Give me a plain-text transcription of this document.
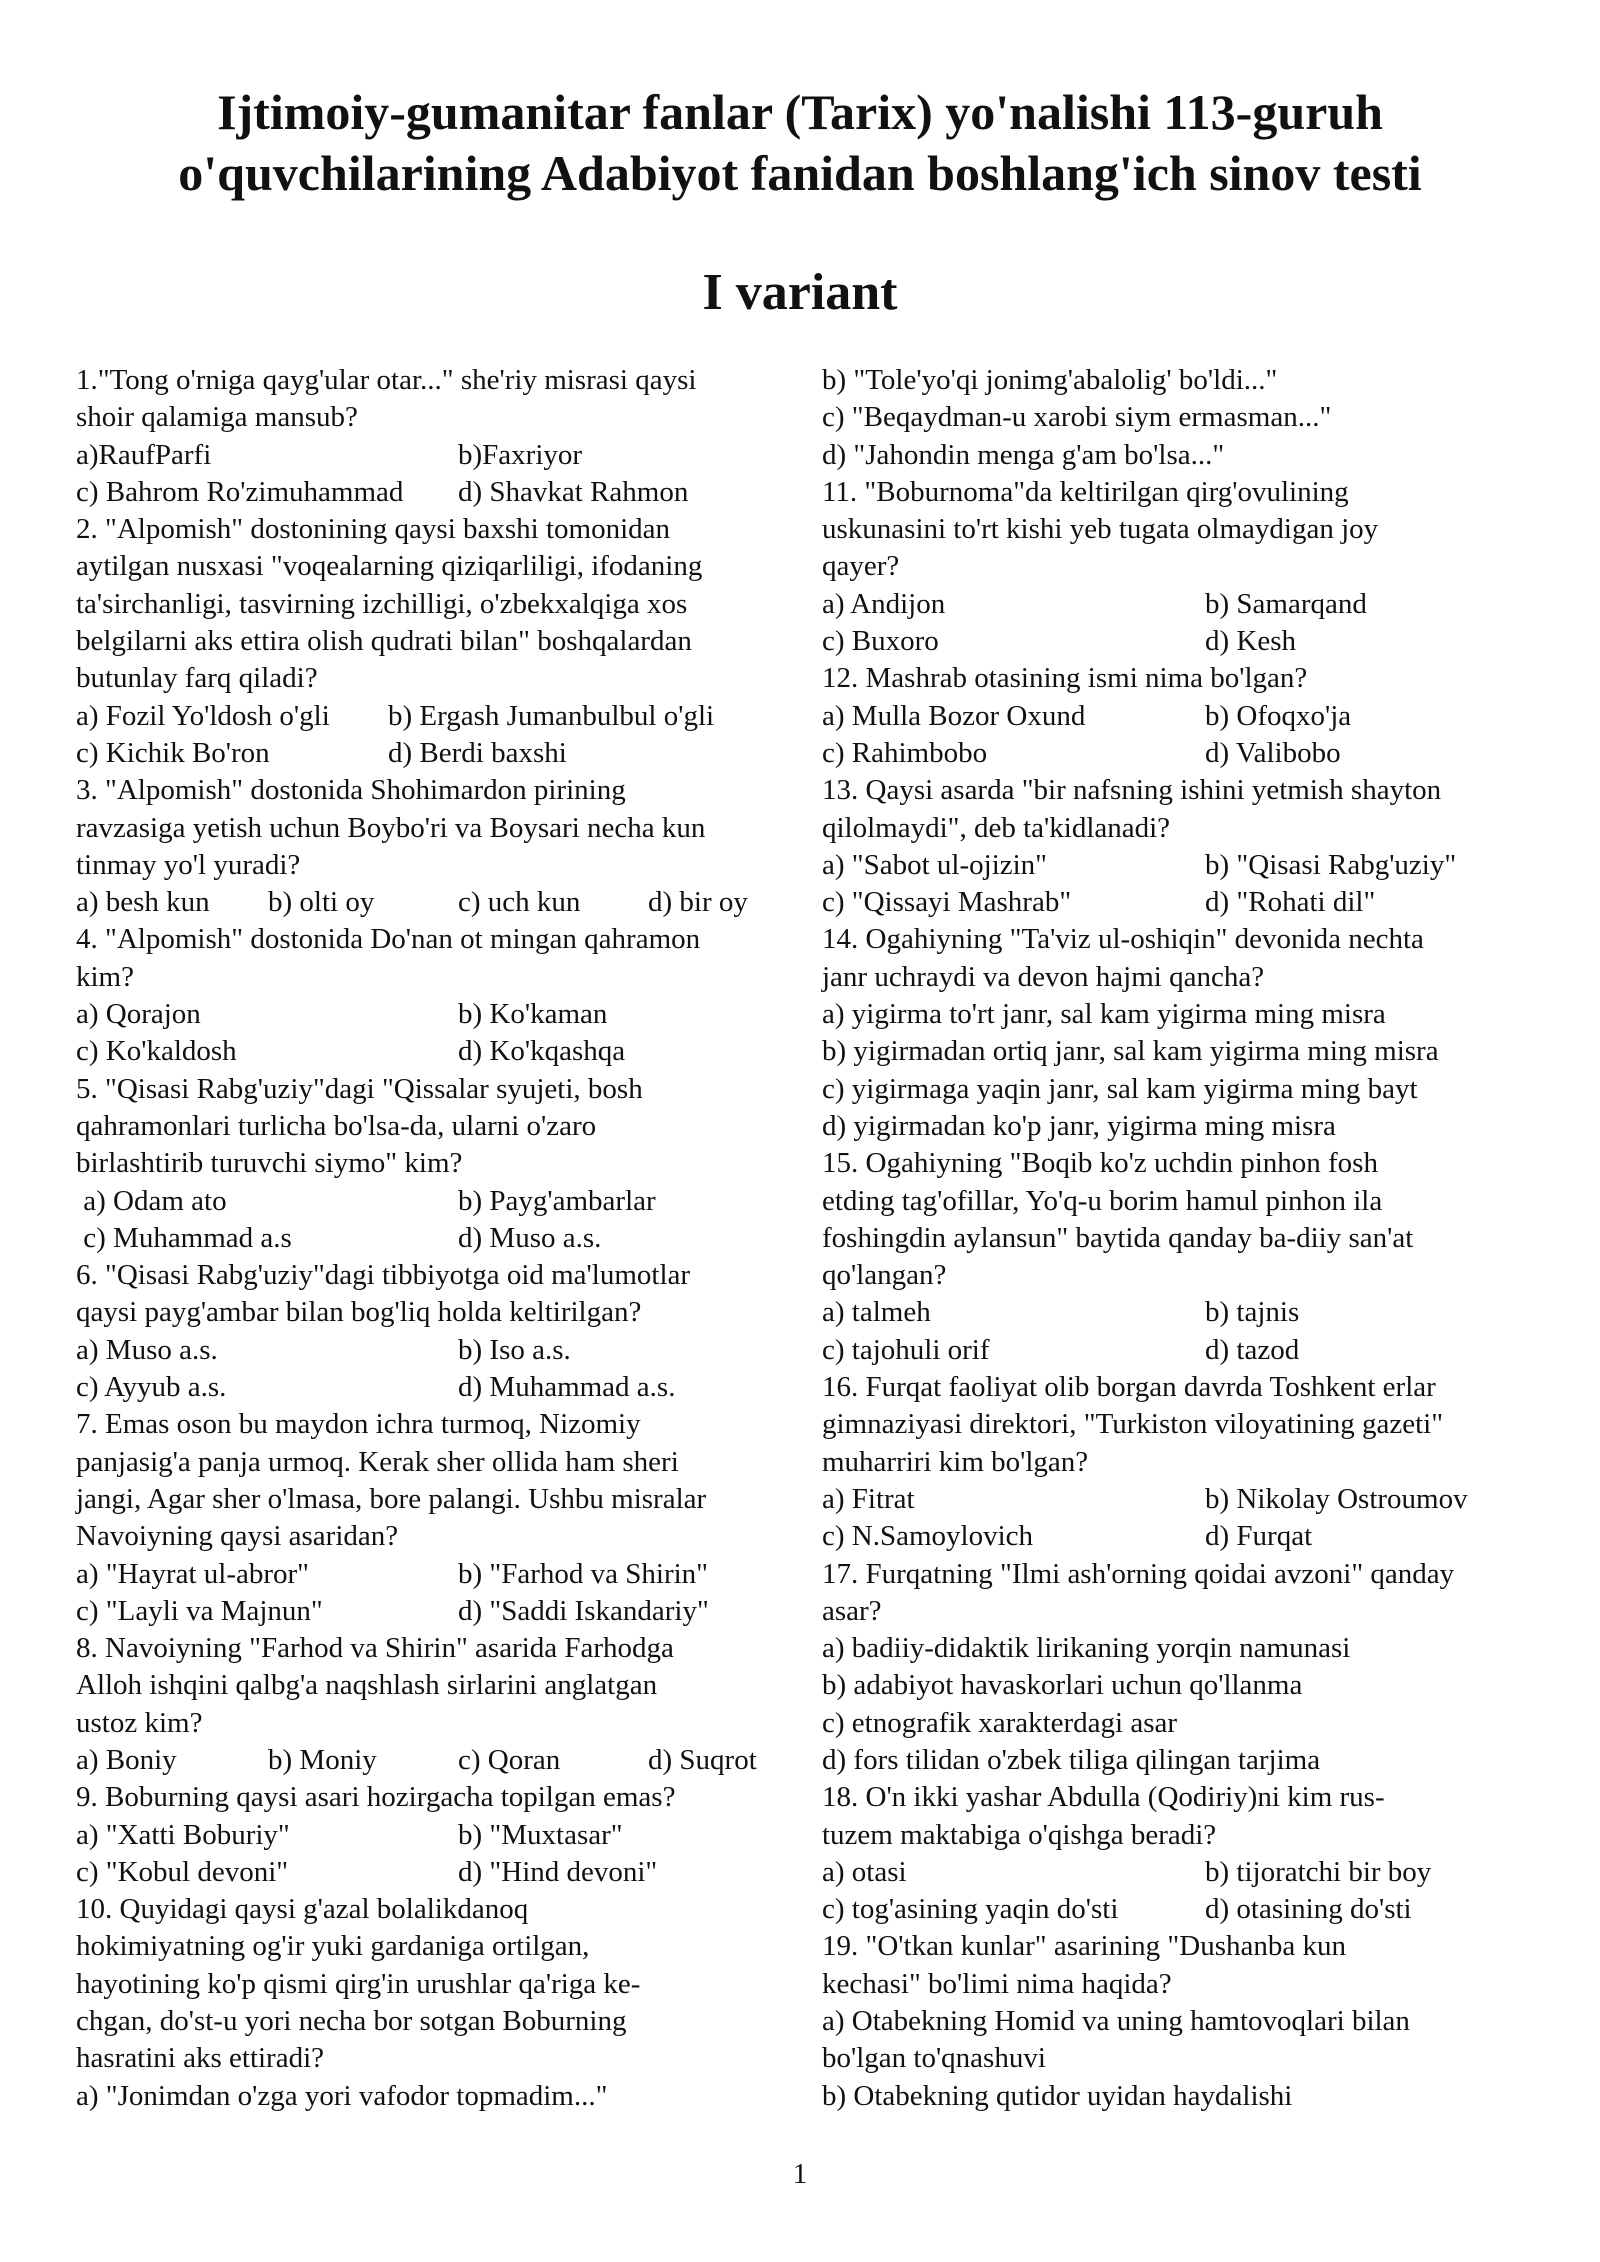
Ijtimoiy-gumanitar fanlar (Tarix) yo'nalishi 113-guruh
o'quvchilarining Adabiyot fanidan boshlang'ich sinov testi
I variant
1."Tong o'rniga qayg'ular otar..." she'riy misrasi qaysi
shoir qalamiga mansub?
a)RaufParfi	b)Faxriyor
c) Bahrom Ro'zimuhammad d) Shavkat Rahmon
2. "Alpomish" dostonining qaysi baxshi tomonidan
aytilgan nusxasi "voqealarning qiziqarliligi, ifodaning
ta'sirchanligi, tasvirning izchilligi, o'zbekxalqiga xos
belgilarni aks ettira olish qudrati bilan" boshqalardan
butunlay farq qiladi?
a) Fozil Yo'ldosh o'gli b) Ergash Jumanbulbul o'gli
c) Kichik Bo'ron	d) Berdi baxshi
3. "Alpomish" dostonida Shohimardon pirining
ravzasiga yetish uchun Boybo'ri va Boysari necha kun
tinmay yo'l yuradi?
a) besh kun b) olti oy	c) uch kun d) bir oy
4. "Alpomish" dostonida Do'nan ot mingan qahramon
kim?
a) Qorajon	b) Ko'kaman
c) Ko'kaldosh	d) Ko'kqashqa
5. "Qisasi Rabg'uziy"dagi "Qissalar syujeti, bosh
qahramonlari turlicha bo'lsa-da, ularni o'zaro
birlashtirib turuvchi siymo" kim?
a) Odam ato	b) Payg'ambarlar
c) Muhammad a.s	d) Muso a.s.
6. "Qisasi Rabg'uziy"dagi tibbiyotga oid ma'lumotlar
qaysi payg'ambar bilan bog'liq holda keltirilgan?
a) Muso a.s.	b) Iso a.s.
c) Ayyub a.s.	d) Muhammad a.s.
7. Emas oson bu maydon ichra turmoq, Nizomiy
panjasig'a panja urmoq. Kerak sher ollida ham sheri
jangi, Agar sher o'lmasa, bore palangi. Ushbu misralar
Navoiyning qaysi asaridan?
a) "Hayrat ul-abror"	b) "Farhod va Shirin"
c) "Layli va Majnun"	d) "Saddi Iskandariy"
8. Navoiyning "Farhod va Shirin" asarida Farhodga
Alloh ishqini qalbg'a naqshlash sirlarini anglatgan
ustoz kim?
a) Boniy	b) Moniy	c) Qoran	d) Suqrot
9. Boburning qaysi asari hozirgacha topilgan emas?
a) "Xatti Boburiy"	b) "Muxtasar"
c) "Kobul devoni"	d) "Hind devoni"
10. Quyidagi qaysi g'azal bolalikdanoq
hokimiyatning og'ir yuki gardaniga ortilgan,
hayotining ko'p qismi qirg'in urushlar qa'riga ke-
chgan, do'st-u yori necha bor sotgan Boburning
hasratini aks ettiradi?
a) "Jonimdan o'zga yori vafodor topmadim..."
b) "Tole'yo'qi jonimg'abalolig' bo'ldi..."
c) "Beqaydman-u xarobi siym ermasman..."
d) "Jahondin menga g'am bo'lsa..."
11. "Boburnoma"da keltirilgan qirg'ovulining
uskunasini to'rt kishi yeb tugata olmaydigan joy
qayer?
a) Andijon	b) Samarqand
c) Buxoro	d) Kesh
12. Mashrab otasining ismi nima bo'lgan?
a) Mulla Bozor Oxund	b) Ofoqxo'ja
c) Rahimbobo	d) Valibobo
13. Qaysi asarda "bir nafsning ishini yetmish shayton
qilolmaydi", deb ta'kidlanadi?
a) "Sabot ul-ojizin"	b) "Qisasi Rabg'uziy"
c) "Qissayi Mashrab"	d) "Rohati dil"
14. Ogahiyning "Ta'viz ul-oshiqin" devonida nechta
janr uchraydi va devon hajmi qancha?
a) yigirma to'rt janr, sal kam yigirma ming misra
b) yigirmadan ortiq janr, sal kam yigirma ming misra
c) yigirmaga yaqin janr, sal kam yigirma ming bayt
d) yigirmadan ko'p janr, yigirma ming misra
15. Ogahiyning "Boqib ko'z uchdin pinhon fosh
etding tag'ofillar, Yo'q-u borim hamul pinhon ila
foshingdin aylansun" baytida qanday ba-diiy san'at
qo'langan?
a) talmeh	b) tajnis
c) tajohuli orif	d) tazod
16. Furqat faoliyat olib borgan davrda Toshkent erlar
gimnaziyasi direktori, "Turkiston viloyatining gazeti"
muharriri kim bo'lgan?
a) Fitrat	b) Nikolay Ostroumov
c) N.Samoylovich	d) Furqat
17. Furqatning "Ilmi ash'orning qoidai avzoni" qanday
asar?
a) badiiy-didaktik lirikaning yorqin namunasi
b) adabiyot havaskorlari uchun qo'llanma
c) etnografik xarakterdagi asar
d) fors tilidan o'zbek tiliga qilingan tarjima
18. O'n ikki yashar Abdulla (Qodiriy)ni kim rus-
tuzem maktabiga o'qishga beradi?
a) otasi	b) tijoratchi bir boy
c) tog'asining yaqin do'sti	d) otasining do'sti
19. "O'tkan kunlar" asarining "Dushanba kun
kechasi" bo'limi nima haqida?
a) Otabekning Homid va uning hamtovoqlari bilan
bo'lgan to'qnashuvi
b) Otabekning qutidor uyidan haydalishi
1
